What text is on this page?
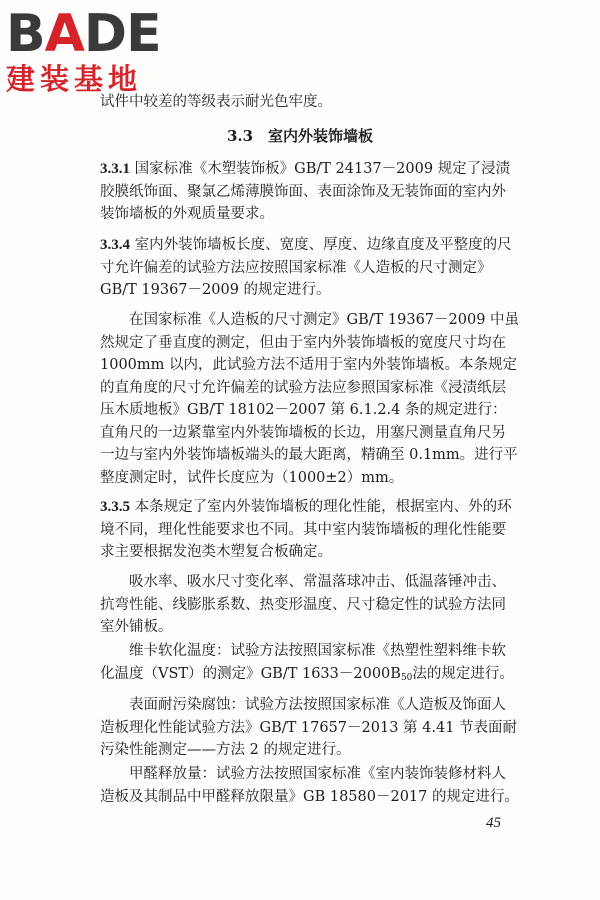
B A D E
建装基地
试件中较差的等级表示耐光色牢度。
3.3　室内外装饰墙板

3.3.1 国家标准《木塑装饰板》GB/T 24137－2009 规定了浸渍胶膜纸饰面、聚氯乙烯薄膜饰面、表面涂饰及无装饰面的室内外装饰墙板的外观质量要求。

3.3.4 室内外装饰墙板长度、宽度、厚度、边缘直度及平整度的尺寸允许偏差的试验方法应按照国家标准《人造板的尺寸测定》GB/T 19367－2009 的规定进行。

在国家标准《人造板的尺寸测定》GB/T 19367－2009 中虽然规定了垂直度的测定，但由于室内外装饰墙板的宽度尺寸均在1000mm 以内，此试验方法不适用于室内外装饰墙板。本条规定的直角度的尺寸允许偏差的试验方法应参照国家标准《浸渍纸层压木质地板》GB/T 18102－2007 第 6.1.2.4 条的规定进行：直角尺的一边紧靠室内外装饰墙板的长边，用塞尺测量直角尺另一边与室内外装饰墙板端头的最大距离，精确至 0.1mm。进行平整度测定时，试件长度应为（1000±2）mm。

3.3.5 本条规定了室内外装饰墙板的理化性能，根据室内、外的环境不同，理化性能要求也不同。其中室内装饰墙板的理化性能要求主要根据发泡类木塑复合板确定。

吸水率、吸水尺寸变化率、常温落球冲击、低温落锤冲击、抗弯性能、线膨胀系数、热变形温度、尺寸稳定性的试验方法同室外铺板。

维卡软化温度：试验方法按照国家标准《热塑性塑料维卡软化温度（VST）的测定》GB/T $1633-2000B_{50}$法的规定进行。

表面耐污染腐蚀：试验方法按照国家标准《人造板及饰面人造板理化性能试验方法》GB/T 17657－2013 第 4.41 节表面耐污染性能测定——方法 2 的规定进行。

甲醛释放量：试验方法按照国家标准《室内装饰装修材料人造板及其制品中甲醛释放限量》GB 18580－2017 的规定进行。

45
